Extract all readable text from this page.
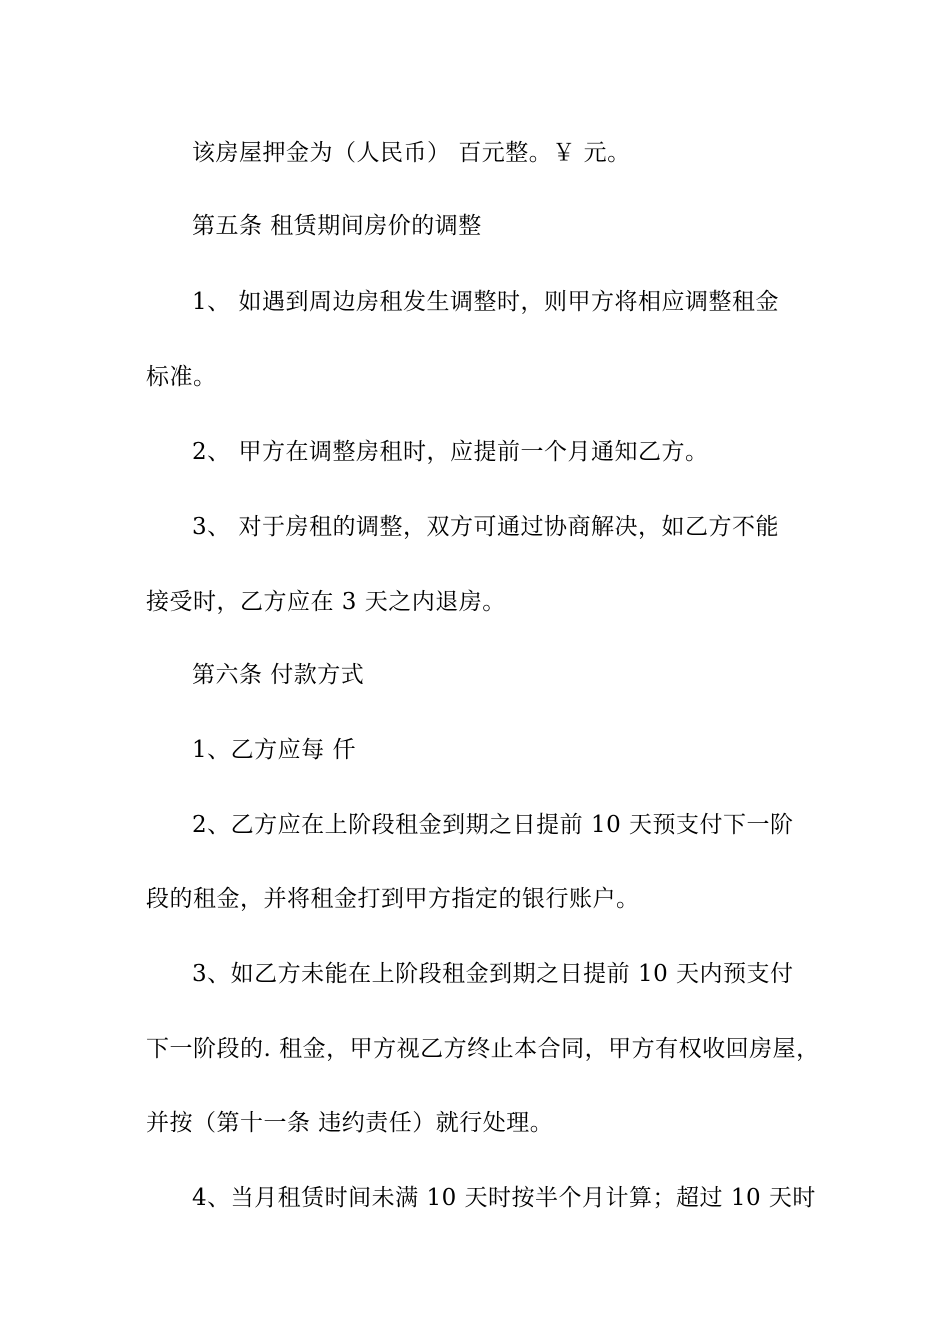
该房屋押金为（人民币） 百元整。￥ 元。
第五条 租赁期间房价的调整
1、 如遇到周边房租发生调整时，则甲方将相应调整租金
标准。
2、 甲方在调整房租时，应提前一个月通知乙方。
3、 对于房租的调整，双方可通过协商解决，如乙方不能
接受时，乙方应在 3 天之内退房。
第六条 付款方式
1、乙方应每 仟
2、乙方应在上阶段租金到期之日提前 10 天预支付下一阶
段的租金，并将租金打到甲方指定的银行账户。
3、如乙方未能在上阶段租金到期之日提前 10 天内预支付
下一阶段的. 租金，甲方视乙方终止本合同，甲方有权收回房屋，
并按（第十一条 违约责任）就行处理。
4、当月租赁时间未满 10 天时按半个月计算；超过 10 天时
